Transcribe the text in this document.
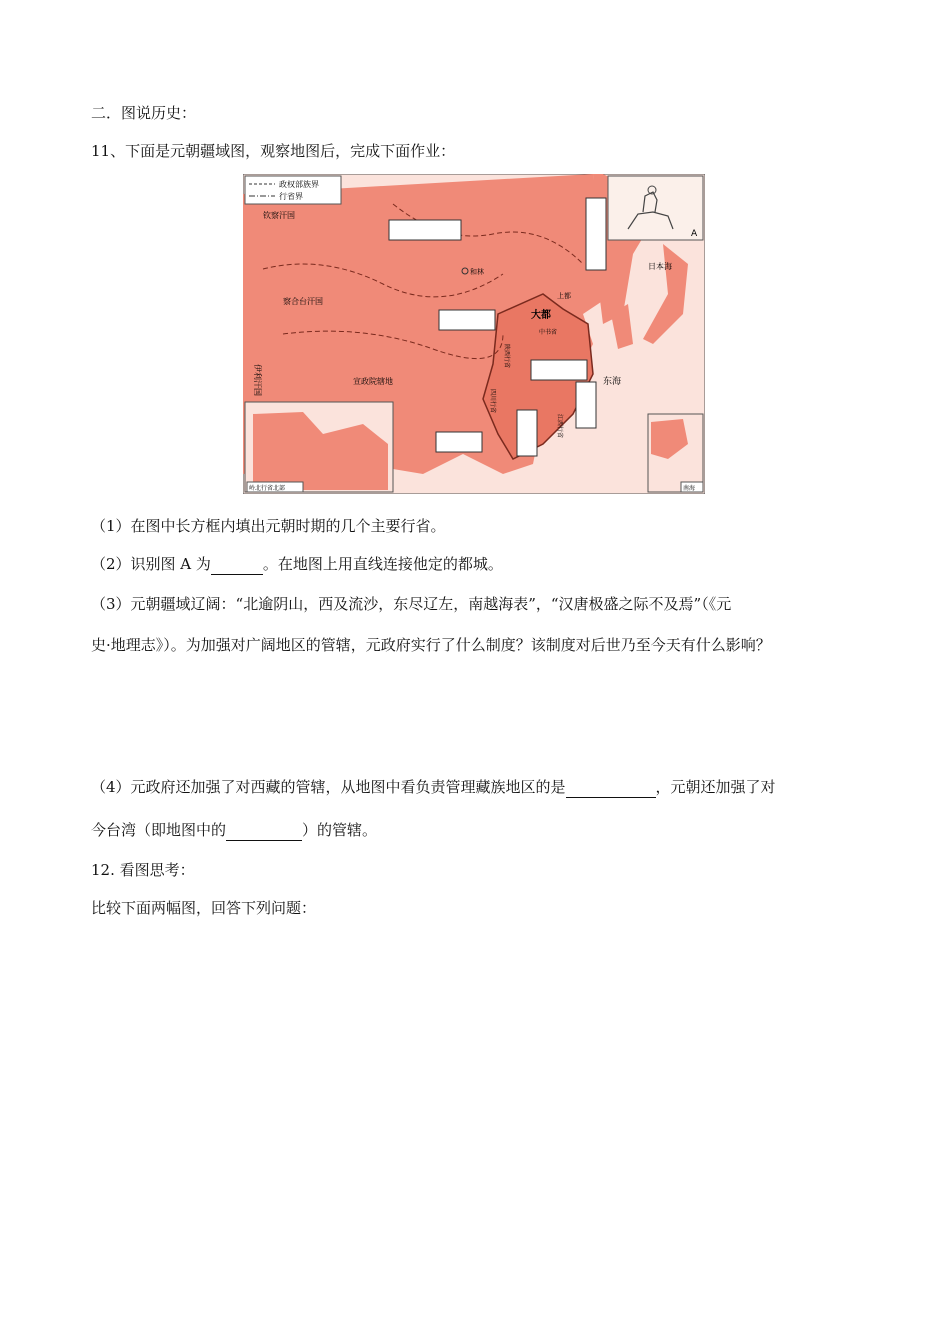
二．图说历史：
11、下面是元朝疆域图，观察地图后，完成下面作业：
政权部族界
行省界
钦察汗国
察合台汗国
伊利汗国
和林
大都
上都
中书省
陕西行省
四川行省
江西行省
宣政院辖地	东海
日本海
A
岭北行省北部	南海
（1）在图中长方框内填出元朝时期的几个主要行省。
（2）识别图 A 为	。在地图上用直线连接他定的都城。
（3）元朝疆域辽阔：“北逾阴山，西及流沙，东尽辽左，南越海表”，“汉唐极盛之际不及焉”（《元
史·地理志》）。为加强对广阔地区的管辖，元政府实行了什么制度？该制度对后世乃至今天有什么影响？
（4）元政府还加强了对西藏的管辖，从地图中看负责管理藏族地区的是	，元朝还加强了对
今台湾（即地图中的	）的管辖。
12. 看图思考：
比较下面两幅图，回答下列问题：
